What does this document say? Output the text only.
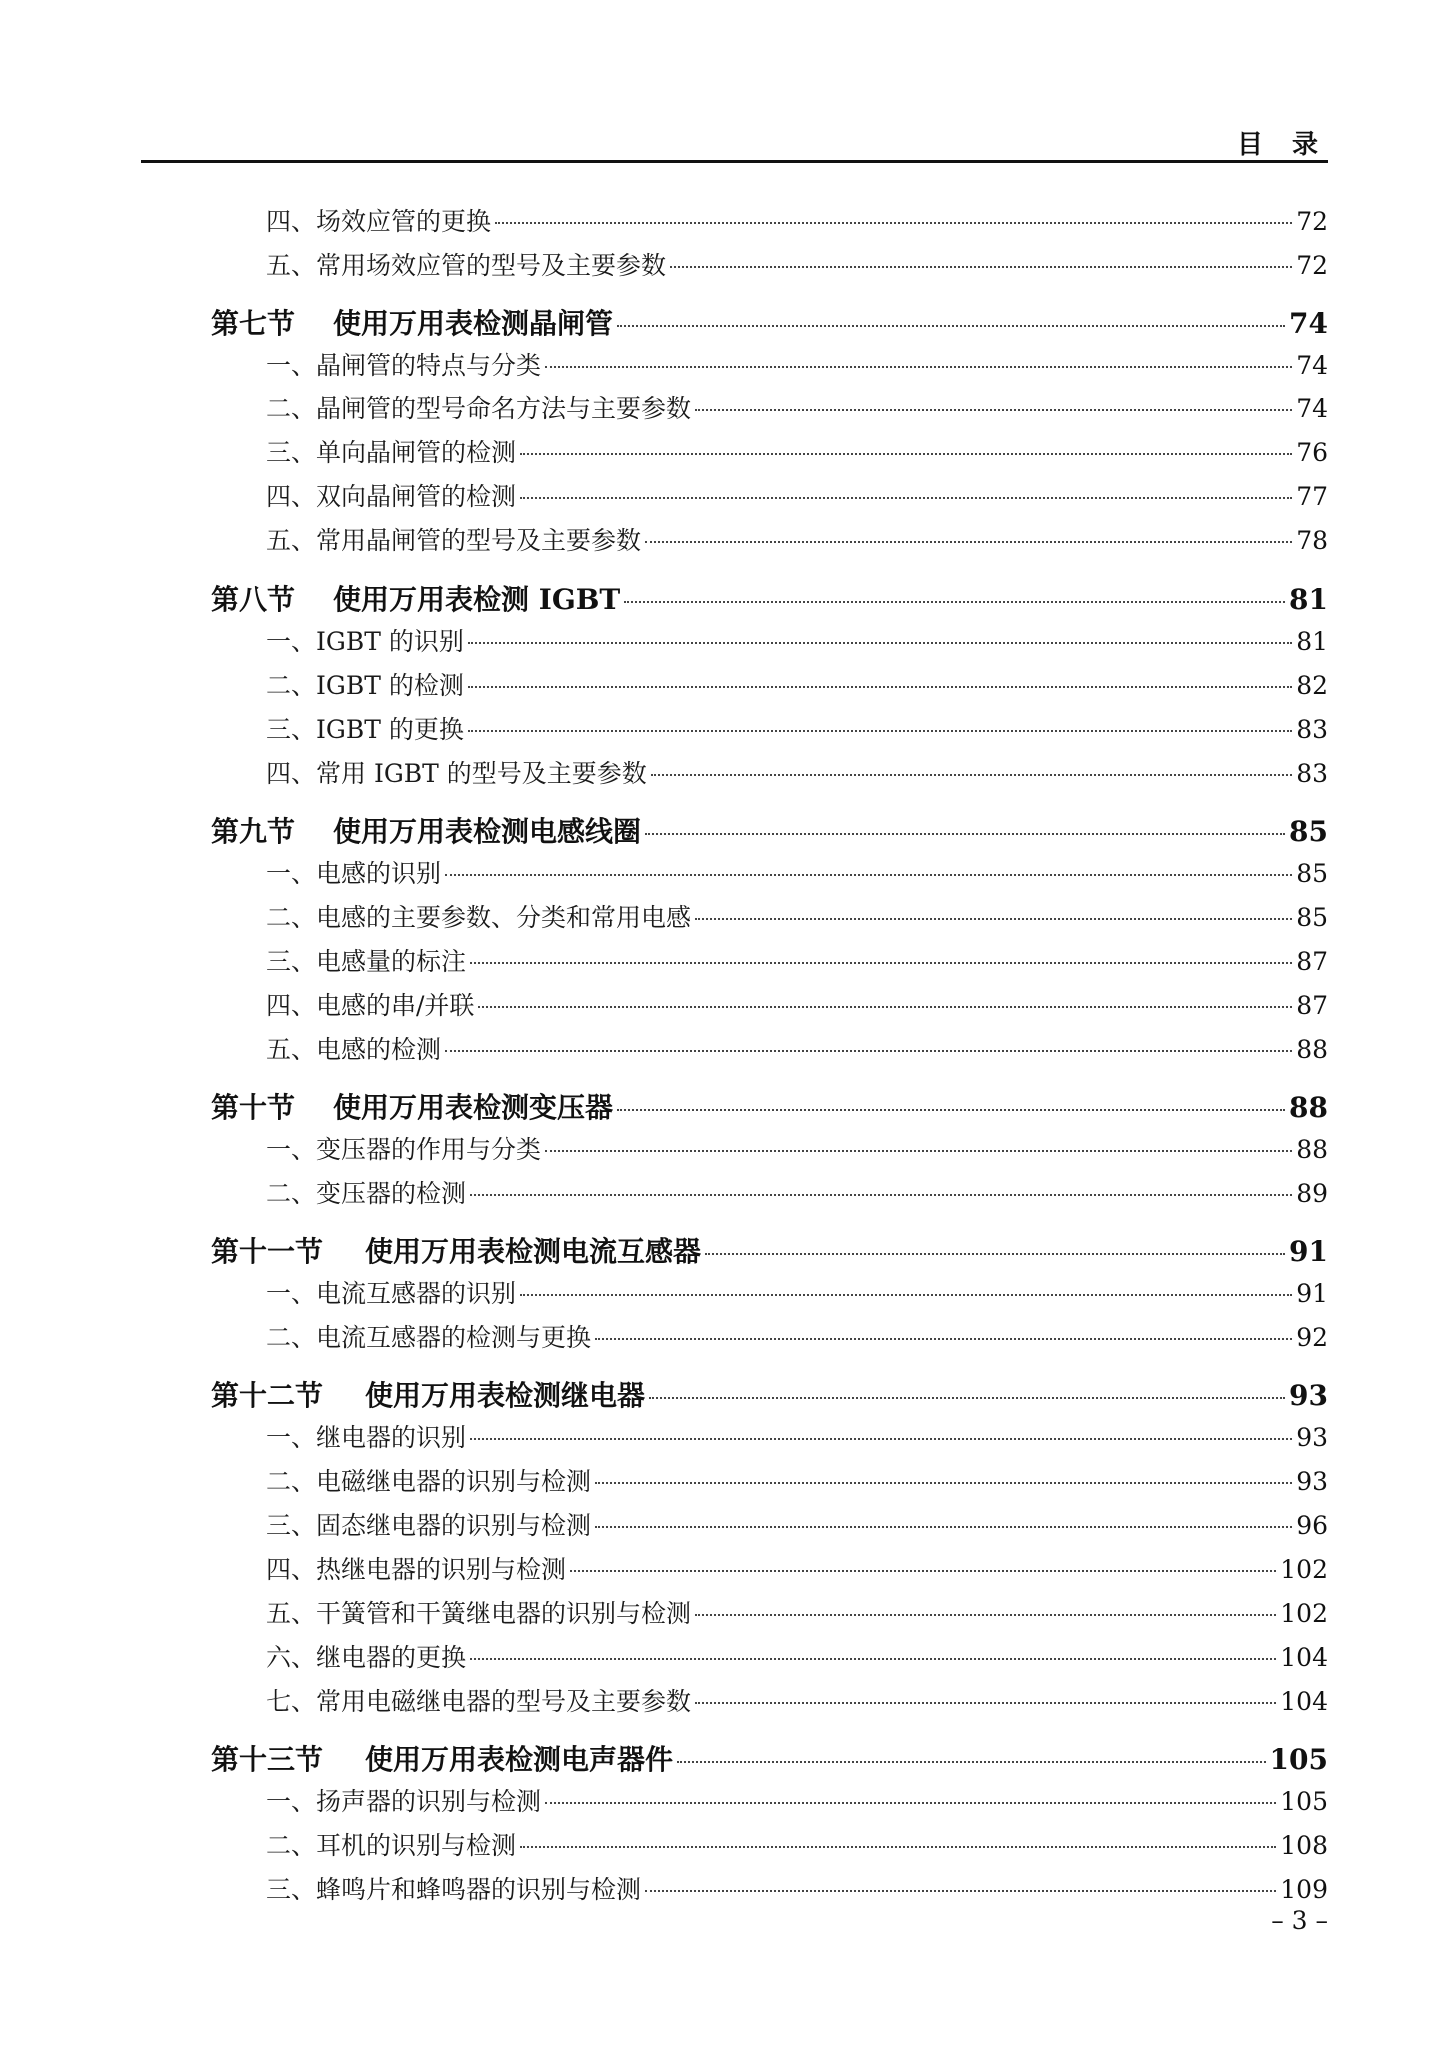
目 录
四、场效应管的更换	72
五、常用场效应管的型号及主要参数	72
第七节 使用万用表检测晶闸管	74
一、晶闸管的特点与分类	74
二、晶闸管的型号命名方法与主要参数	74
三、单向晶闸管的检测	76
四、双向晶闸管的检测	77
五、常用晶闸管的型号及主要参数	78
第八节 使用万用表检测 IGBT	81
一、IGBT 的识别	81
二、IGBT 的检测	82
三、IGBT 的更换	83
四、常用 IGBT 的型号及主要参数	83
第九节 使用万用表检测电感线圈	85
一、电感的识别	85
二、电感的主要参数、分类和常用电感	85
三、电感量的标注	87
四、电感的串/并联	87
五、电感的检测	88
第十节 使用万用表检测变压器	88
一、变压器的作用与分类	88
二、变压器的检测	89
第十一节 使用万用表检测电流互感器	91
一、电流互感器的识别	91
二、电流互感器的检测与更换	92
第十二节 使用万用表检测继电器	93
一、继电器的识别	93
二、电磁继电器的识别与检测	93
三、固态继电器的识别与检测	96
四、热继电器的识别与检测	102
五、干簧管和干簧继电器的识别与检测	102
六、继电器的更换	104
七、常用电磁继电器的型号及主要参数	104
第十三节 使用万用表检测电声器件	105
一、扬声器的识别与检测	105
二、耳机的识别与检测	108
三、蜂鸣片和蜂鸣器的识别与检测	109
– 3 –
